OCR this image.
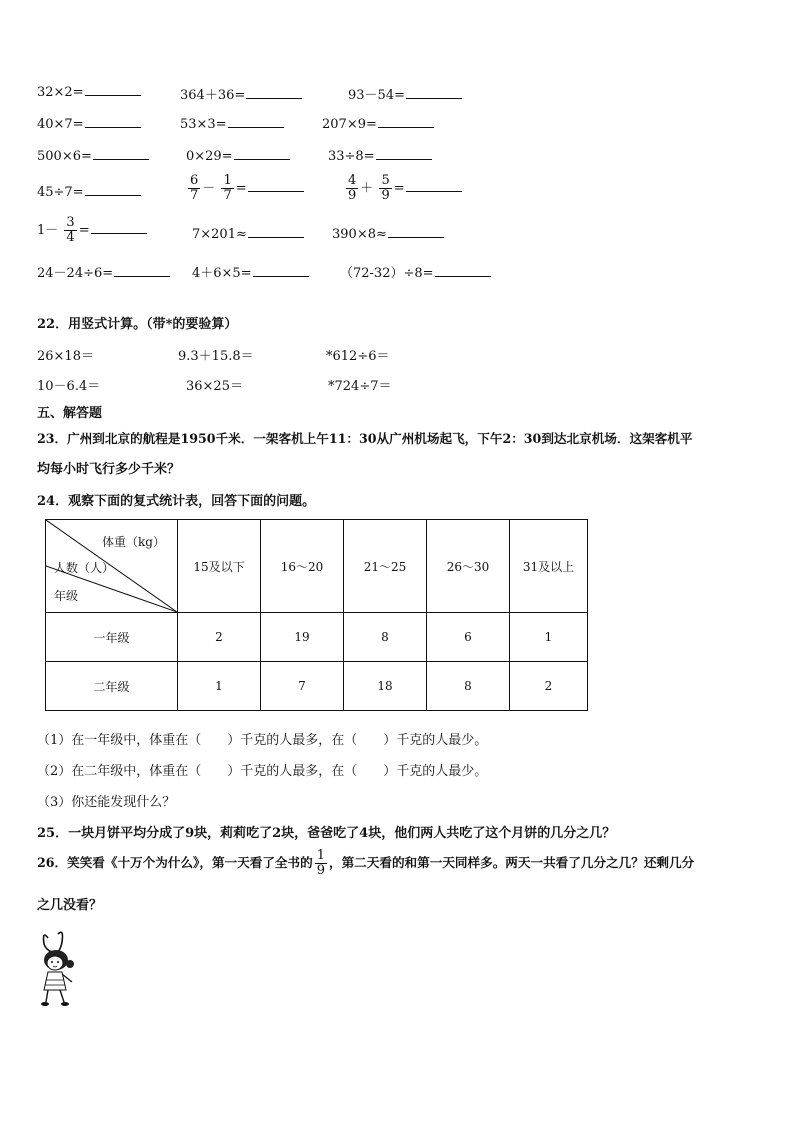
32×2=	364＋36=	93－54=
40×7=	53×3=	207×9=
500×6=	0×29=	33÷8=
45÷7=	$\frac{6}{7} - \frac{1}{7}$ =	$\frac{4}{9} + \frac{5}{9}$ =
$1- \frac{3}{4}$ =	7×201≈	390×8≈
24－24÷6=	4＋6×5=	（72-32）÷8=
22．用竖式计算。（带*的要验算）
26×18＝	9.3＋15.8＝	*612÷6＝
10－6.4＝	36×25＝	*724÷7＝
五、解答题
23．广州到北京的航程是1950千米．一架客机上午11：30从广州机场起飞，下午2：30到达北京机场．这架客机平
均每小时飞行多少千米？
24．观察下面的复式统计表，回答下面的问题。
体重（kg）
人数（人）
年级	15及以下	16～20	21～25	26～30	31及以上
一年级	2	19	8	6	1
二年级	1	7	18	8	2
（1）在一年级中，体重在（　　）千克的人最多，在（　　）千克的人最少。
（2）在二年级中，体重在（　　）千克的人最多，在（　　）千克的人最少。
（3）你还能发现什么？
25．一块月饼平均分成了9块，莉莉吃了2块，爸爸吃了4块，他们两人共吃了这个月饼的几分之几？
26．笑笑看《十万个为什么》，第一天看了全书的 $\frac{1}{9}$ ，第二天看的和第一天同样多。两天一共看了几分之几？还剩几分
之几没看？
